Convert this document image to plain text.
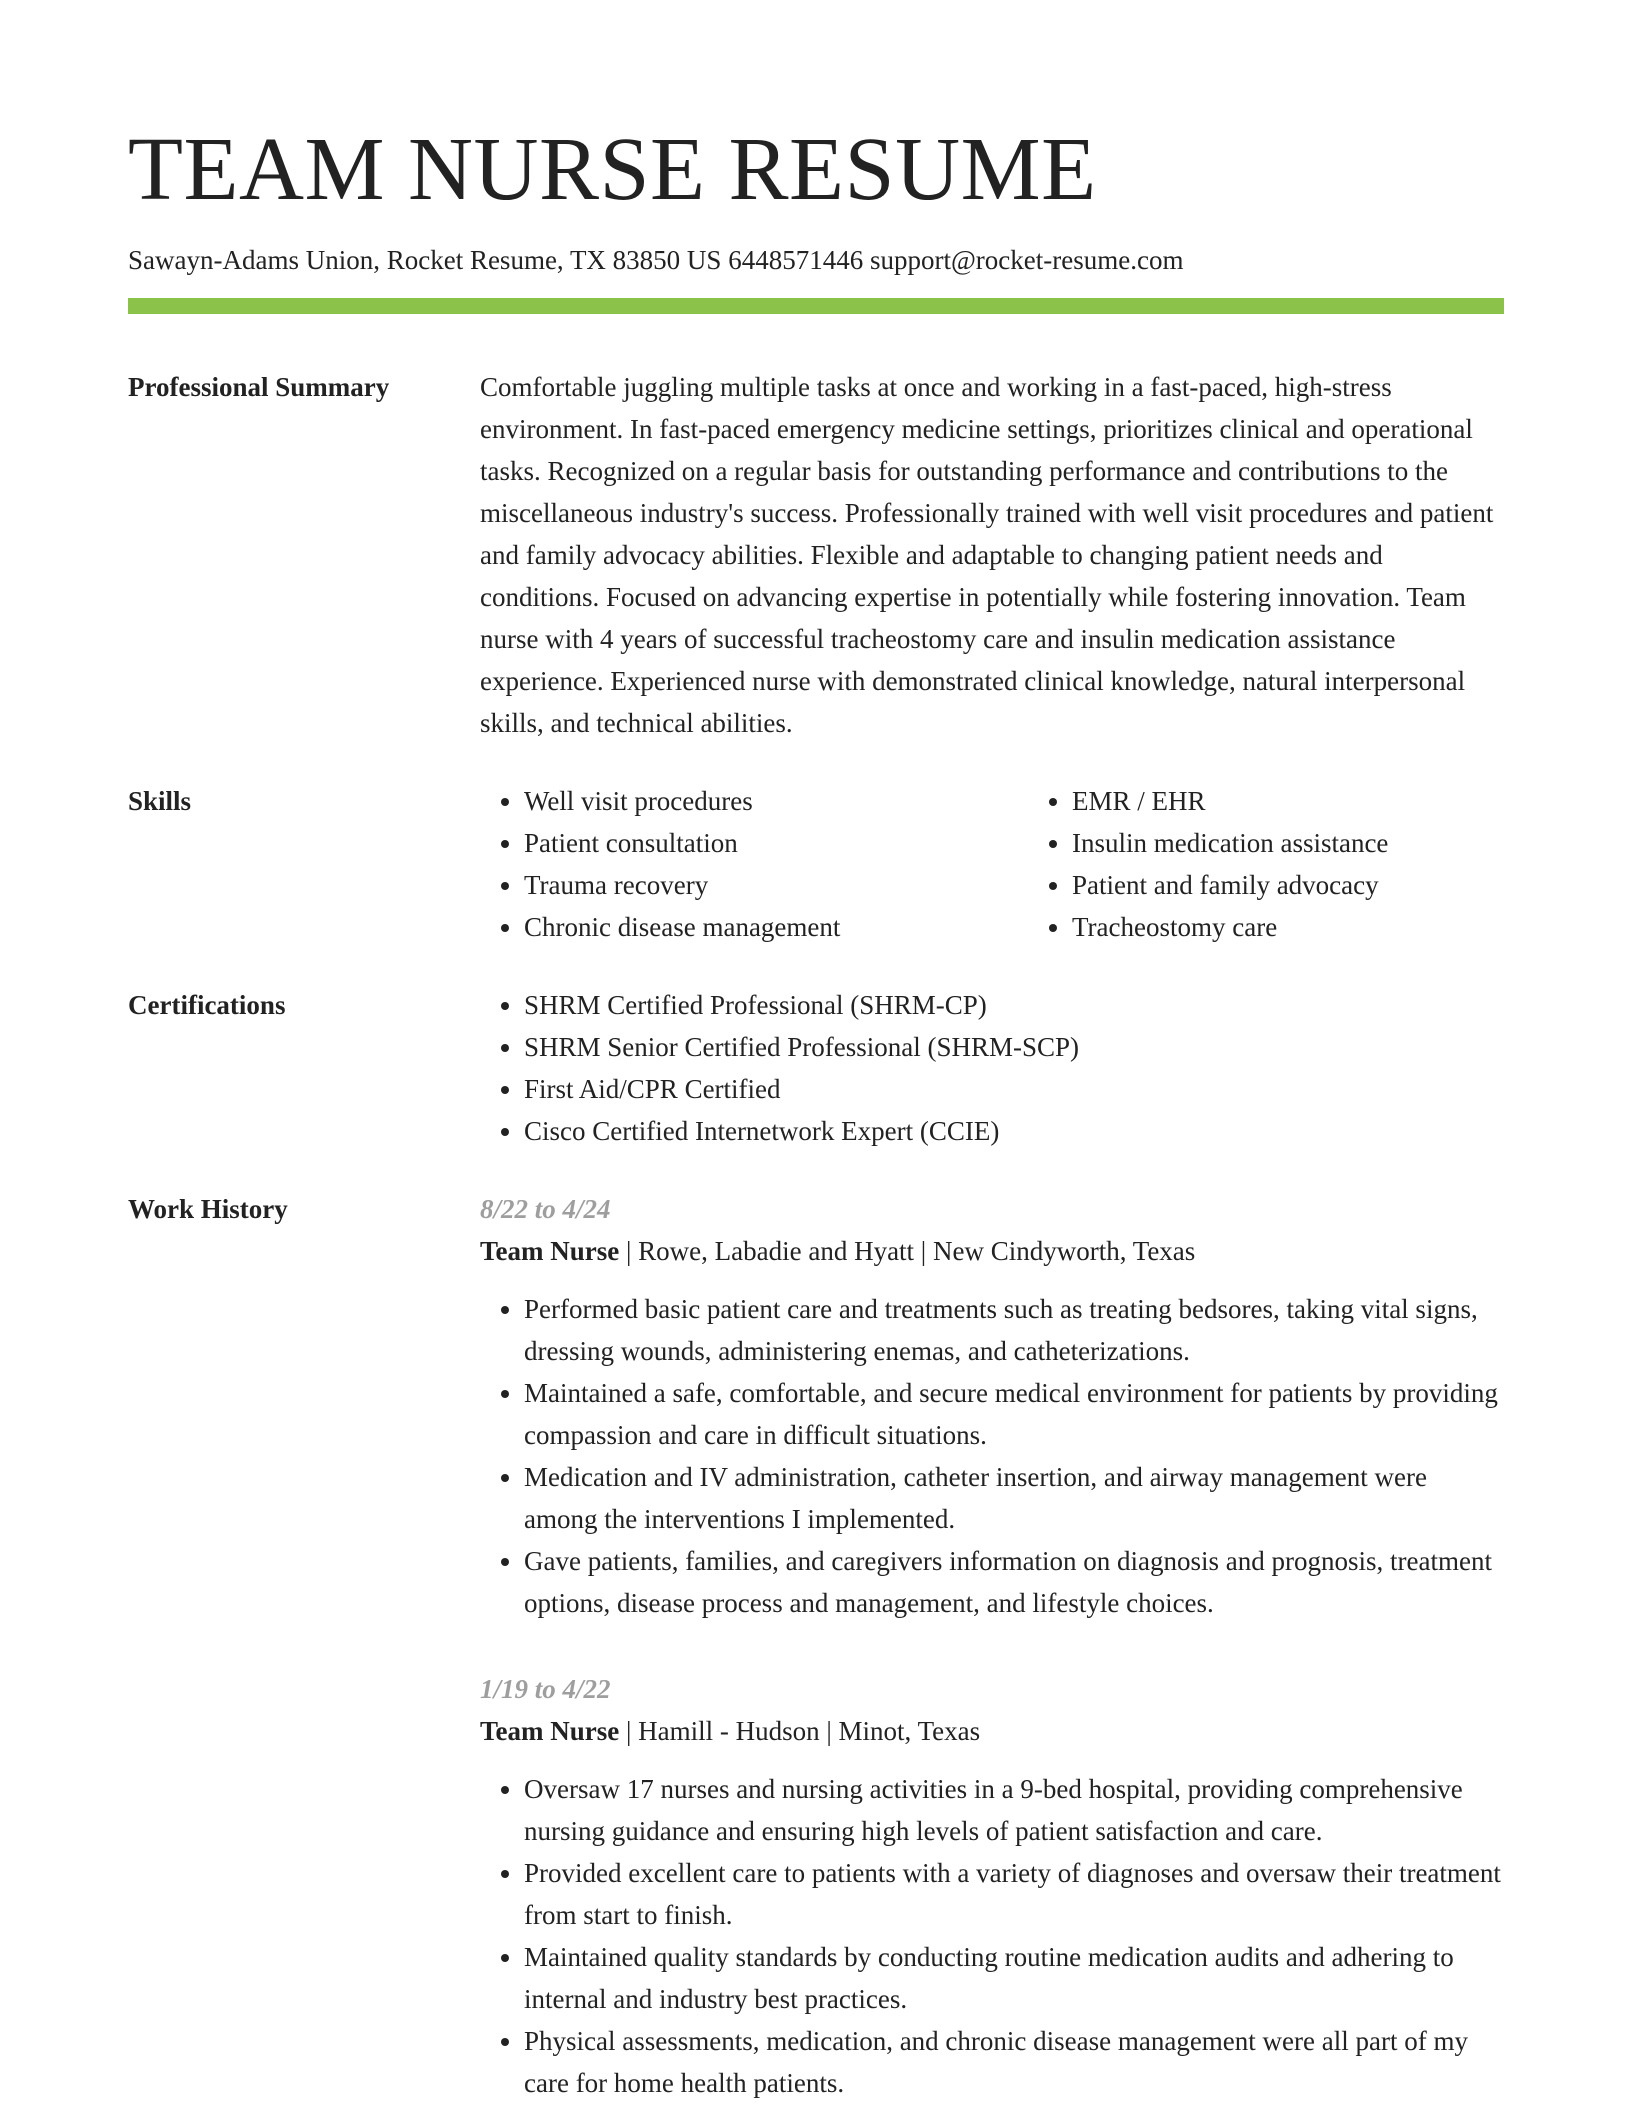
TEAM NURSE RESUME
Sawayn-Adams Union, Rocket Resume, TX 83850 US 6448571446 support@rocket-resume.com
Professional Summary	Comfortable juggling multiple tasks at once and working in a fast-paced, high-stress environment. In fast-paced emergency medicine settings, prioritizes clinical and operational tasks. Recognized on a regular basis for outstanding performance and contributions to the miscellaneous industry's success. Professionally trained with well visit procedures and patient and family advocacy abilities. Flexible and adaptable to changing patient needs and conditions. Focused on advancing expertise in potentially while fostering innovation. Team nurse with 4 years of successful tracheostomy care and insulin medication assistance experience. Experienced nurse with demonstrated clinical knowledge, natural interpersonal skills, and technical abilities.

Skills	• Well visit procedures
• Patient consultation
• Trauma recovery
• Chronic disease management
• EMR / EHR
• Insulin medication assistance
• Patient and family advocacy
• Tracheostomy care
Certifications	• SHRM Certified Professional (SHRM-CP)
• SHRM Senior Certified Professional (SHRM-SCP)
• First Aid/CPR Certified
• Cisco Certified Internetwork Expert (CCIE)
Work History	8/22 to 4/24
Team Nurse | Rowe, Labadie and Hyatt | New Cindyworth, Texas
• Performed basic patient care and treatments such as treating bedsores, taking vital signs, dressing wounds, administering enemas, and catheterizations.
• Maintained a safe, comfortable, and secure medical environment for patients by providing compassion and care in difficult situations.
• Medication and IV administration, catheter insertion, and airway management were among the interventions I implemented.
• Gave patients, families, and caregivers information on diagnosis and prognosis, treatment options, disease process and management, and lifestyle choices.
1/19 to 4/22
Team Nurse | Hamill - Hudson | Minot, Texas
• Oversaw 17 nurses and nursing activities in a 9-bed hospital, providing comprehensive nursing guidance and ensuring high levels of patient satisfaction and care.
• Provided excellent care to patients with a variety of diagnoses and oversaw their treatment from start to finish.
• Maintained quality standards by conducting routine medication audits and adhering to internal and industry best practices.
• Physical assessments, medication, and chronic disease management were all part of my care for home health patients.
